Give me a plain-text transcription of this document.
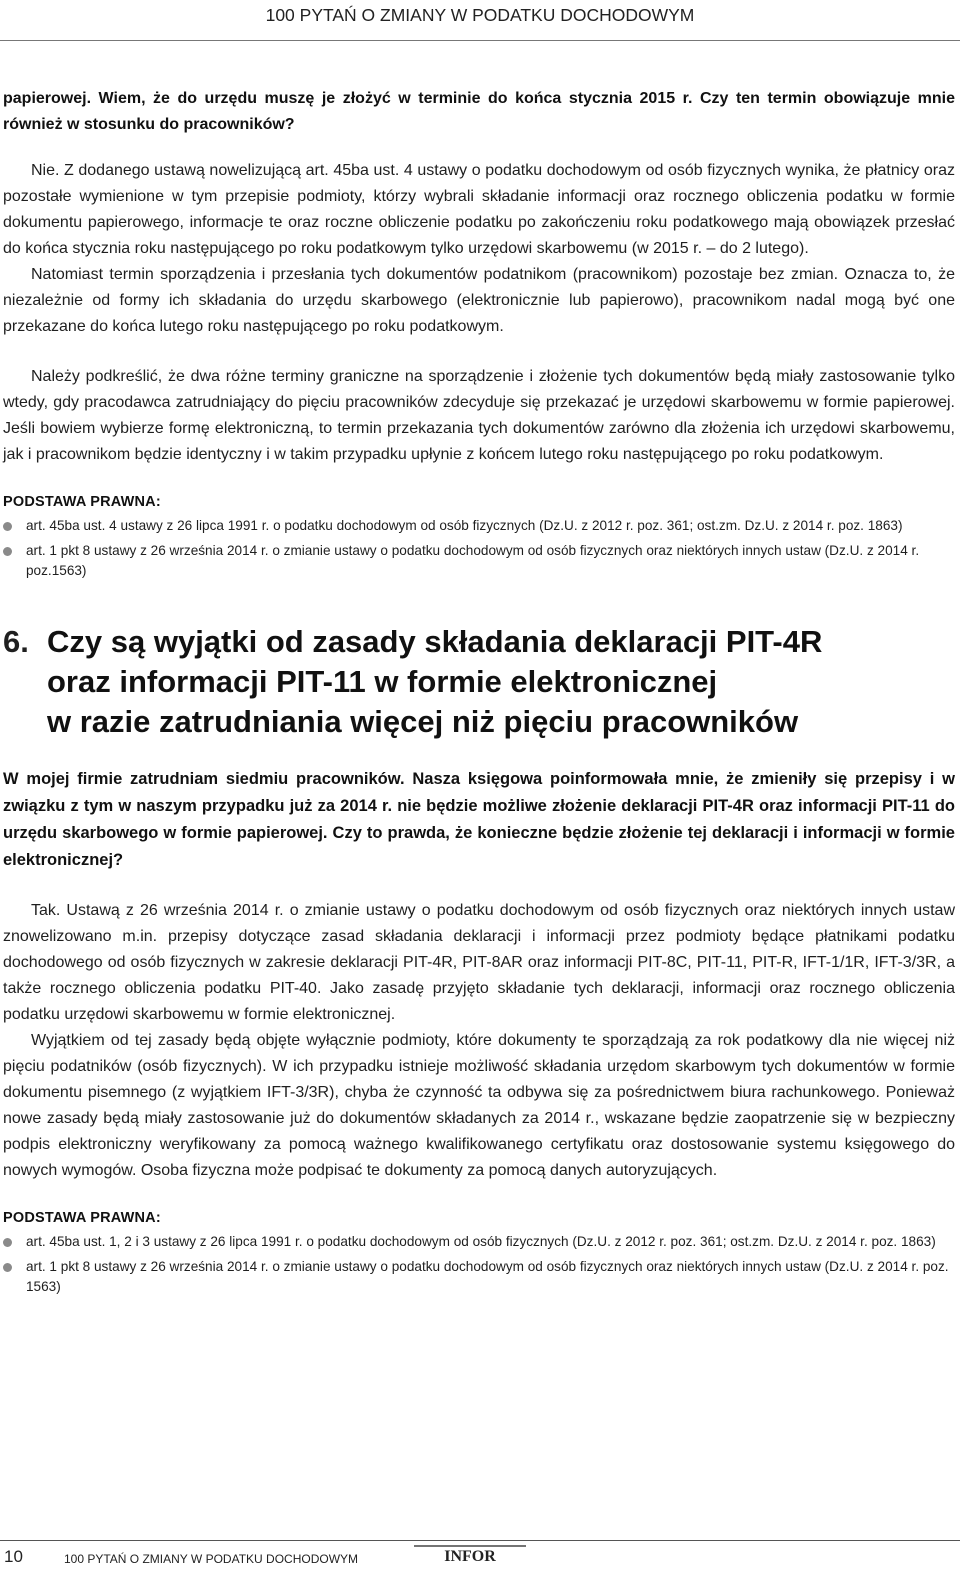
100 PYTAŃ O ZMIANY W PODATKU DOCHODOWYM

papierowej. Wiem, że do urzędu muszę je złożyć w terminie do końca stycznia 2015 r. Czy ten termin obowiązuje mnie również w stosunku do pracowników?

Nie. Z dodanego ustawą nowelizującą art. 45ba ust. 4 ustawy o podatku dochodowym od osób fizycznych wynika, że płatnicy oraz pozostałe wymienione w tym przepisie podmioty, którzy wybrali składanie informacji oraz rocznego obliczenia podatku w formie dokumentu papierowego, informacje te oraz roczne obliczenie podatku po zakończeniu roku podatkowego mają obowiązek przesłać do końca stycznia roku następującego po roku podatkowym tylko urzędowi skarbowemu (w 2015 r. – do 2 lutego).

Natomiast termin sporządzenia i przesłania tych dokumentów podatnikom (pracownikom) pozostaje bez zmian. Oznacza to, że niezależnie od formy ich składania do urzędu skarbowego (elektronicznie lub papierowo), pracownikom nadal mogą być one przekazane do końca lutego roku następującego po roku podatkowym.

Należy podkreślić, że dwa różne terminy graniczne na sporządzenie i złożenie tych dokumentów będą miały zastosowanie tylko wtedy, gdy pracodawca zatrudniający do pięciu pracowników zdecyduje się przekazać je urzędowi skarbowemu w formie papierowej. Jeśli bowiem wybierze formę elektroniczną, to termin przekazania tych dokumentów zarówno dla złożenia ich urzędowi skarbowemu, jak i pracownikom będzie identyczny i w takim przypadku upłynie z końcem lutego roku następującego po roku podatkowym.

PODSTAWA PRAWNA:
art. 45ba ust. 4 ustawy z 26 lipca 1991 r. o podatku dochodowym od osób fizycznych (Dz.U. z 2012 r. poz. 361; ost.zm. Dz.U. z 2014 r. poz. 1863)
art. 1 pkt 8 ustawy z 26 września 2014 r. o zmianie ustawy o podatku dochodowym od osób fizycznych oraz niektórych innych ustaw (Dz.U. z 2014 r. poz.1563)
6. Czy są wyjątki od zasady składania deklaracji PIT-4R
oraz informacji PIT-11 w formie elektronicznej
w razie zatrudniania więcej niż pięciu pracowników

W mojej firmie zatrudniam siedmiu pracowników. Nasza księgowa poinformowała mnie, że zmieniły się przepisy i w związku z tym w naszym przypadku już za 2014 r. nie będzie możliwe złożenie deklaracji PIT-4R oraz informacji PIT-11 do urzędu skarbowego w formie papierowej. Czy to prawda, że konieczne będzie złożenie tej deklaracji i informacji w formie elektronicznej?

Tak. Ustawą z 26 września 2014 r. o zmianie ustawy o podatku dochodowym od osób fizycznych oraz niektórych innych ustaw znowelizowano m.in. przepisy dotyczące zasad składania deklaracji i informacji przez podmioty będące płatnikami podatku dochodowego od osób fizycznych w zakresie deklaracji PIT-4R, PIT-8AR oraz informacji PIT-8C, PIT-11, PIT-R, IFT-1/1R, IFT-3/3R, a także rocznego obliczenia podatku PIT-40. Jako zasadę przyjęto składanie tych deklaracji, informacji oraz rocznego obliczenia podatku urzędowi skarbowemu w formie elektronicznej.

Wyjątkiem od tej zasady będą objęte wyłącznie podmioty, które dokumenty te sporządzają za rok podatkowy dla nie więcej niż pięciu podatników (osób fizycznych). W ich przypadku istnieje możliwość składania urzędom skarbowym tych dokumentów w formie dokumentu pisemnego (z wyjątkiem IFT-3/3R), chyba że czynność ta odbywa się za pośrednictwem biura rachunkowego. Ponieważ nowe zasady będą miały zastosowanie już do dokumentów składanych za 2014 r., wskazane będzie zaopatrzenie się w bezpieczny podpis elektroniczny weryfikowany za pomocą ważnego kwalifikowanego certyfikatu oraz dostosowanie systemu księgowego do nowych wymogów. Osoba fizyczna może podpisać te dokumenty za pomocą danych autoryzujących.

PODSTAWA PRAWNA:
art. 45ba ust. 1, 2 i 3 ustawy z 26 lipca 1991 r. o podatku dochodowym od osób fizycznych (Dz.U. z 2012 r. poz. 361; ost.zm. Dz.U. z 2014 r. poz. 1863)
art. 1 pkt 8 ustawy z 26 września 2014 r. o zmianie ustawy o podatku dochodowym od osób fizycznych oraz niektórych innych ustaw (Dz.U. z 2014 r. poz. 1563)
10	100 PYTAŃ O ZMIANY W PODATKU DOCHODOWYM	INFOR
